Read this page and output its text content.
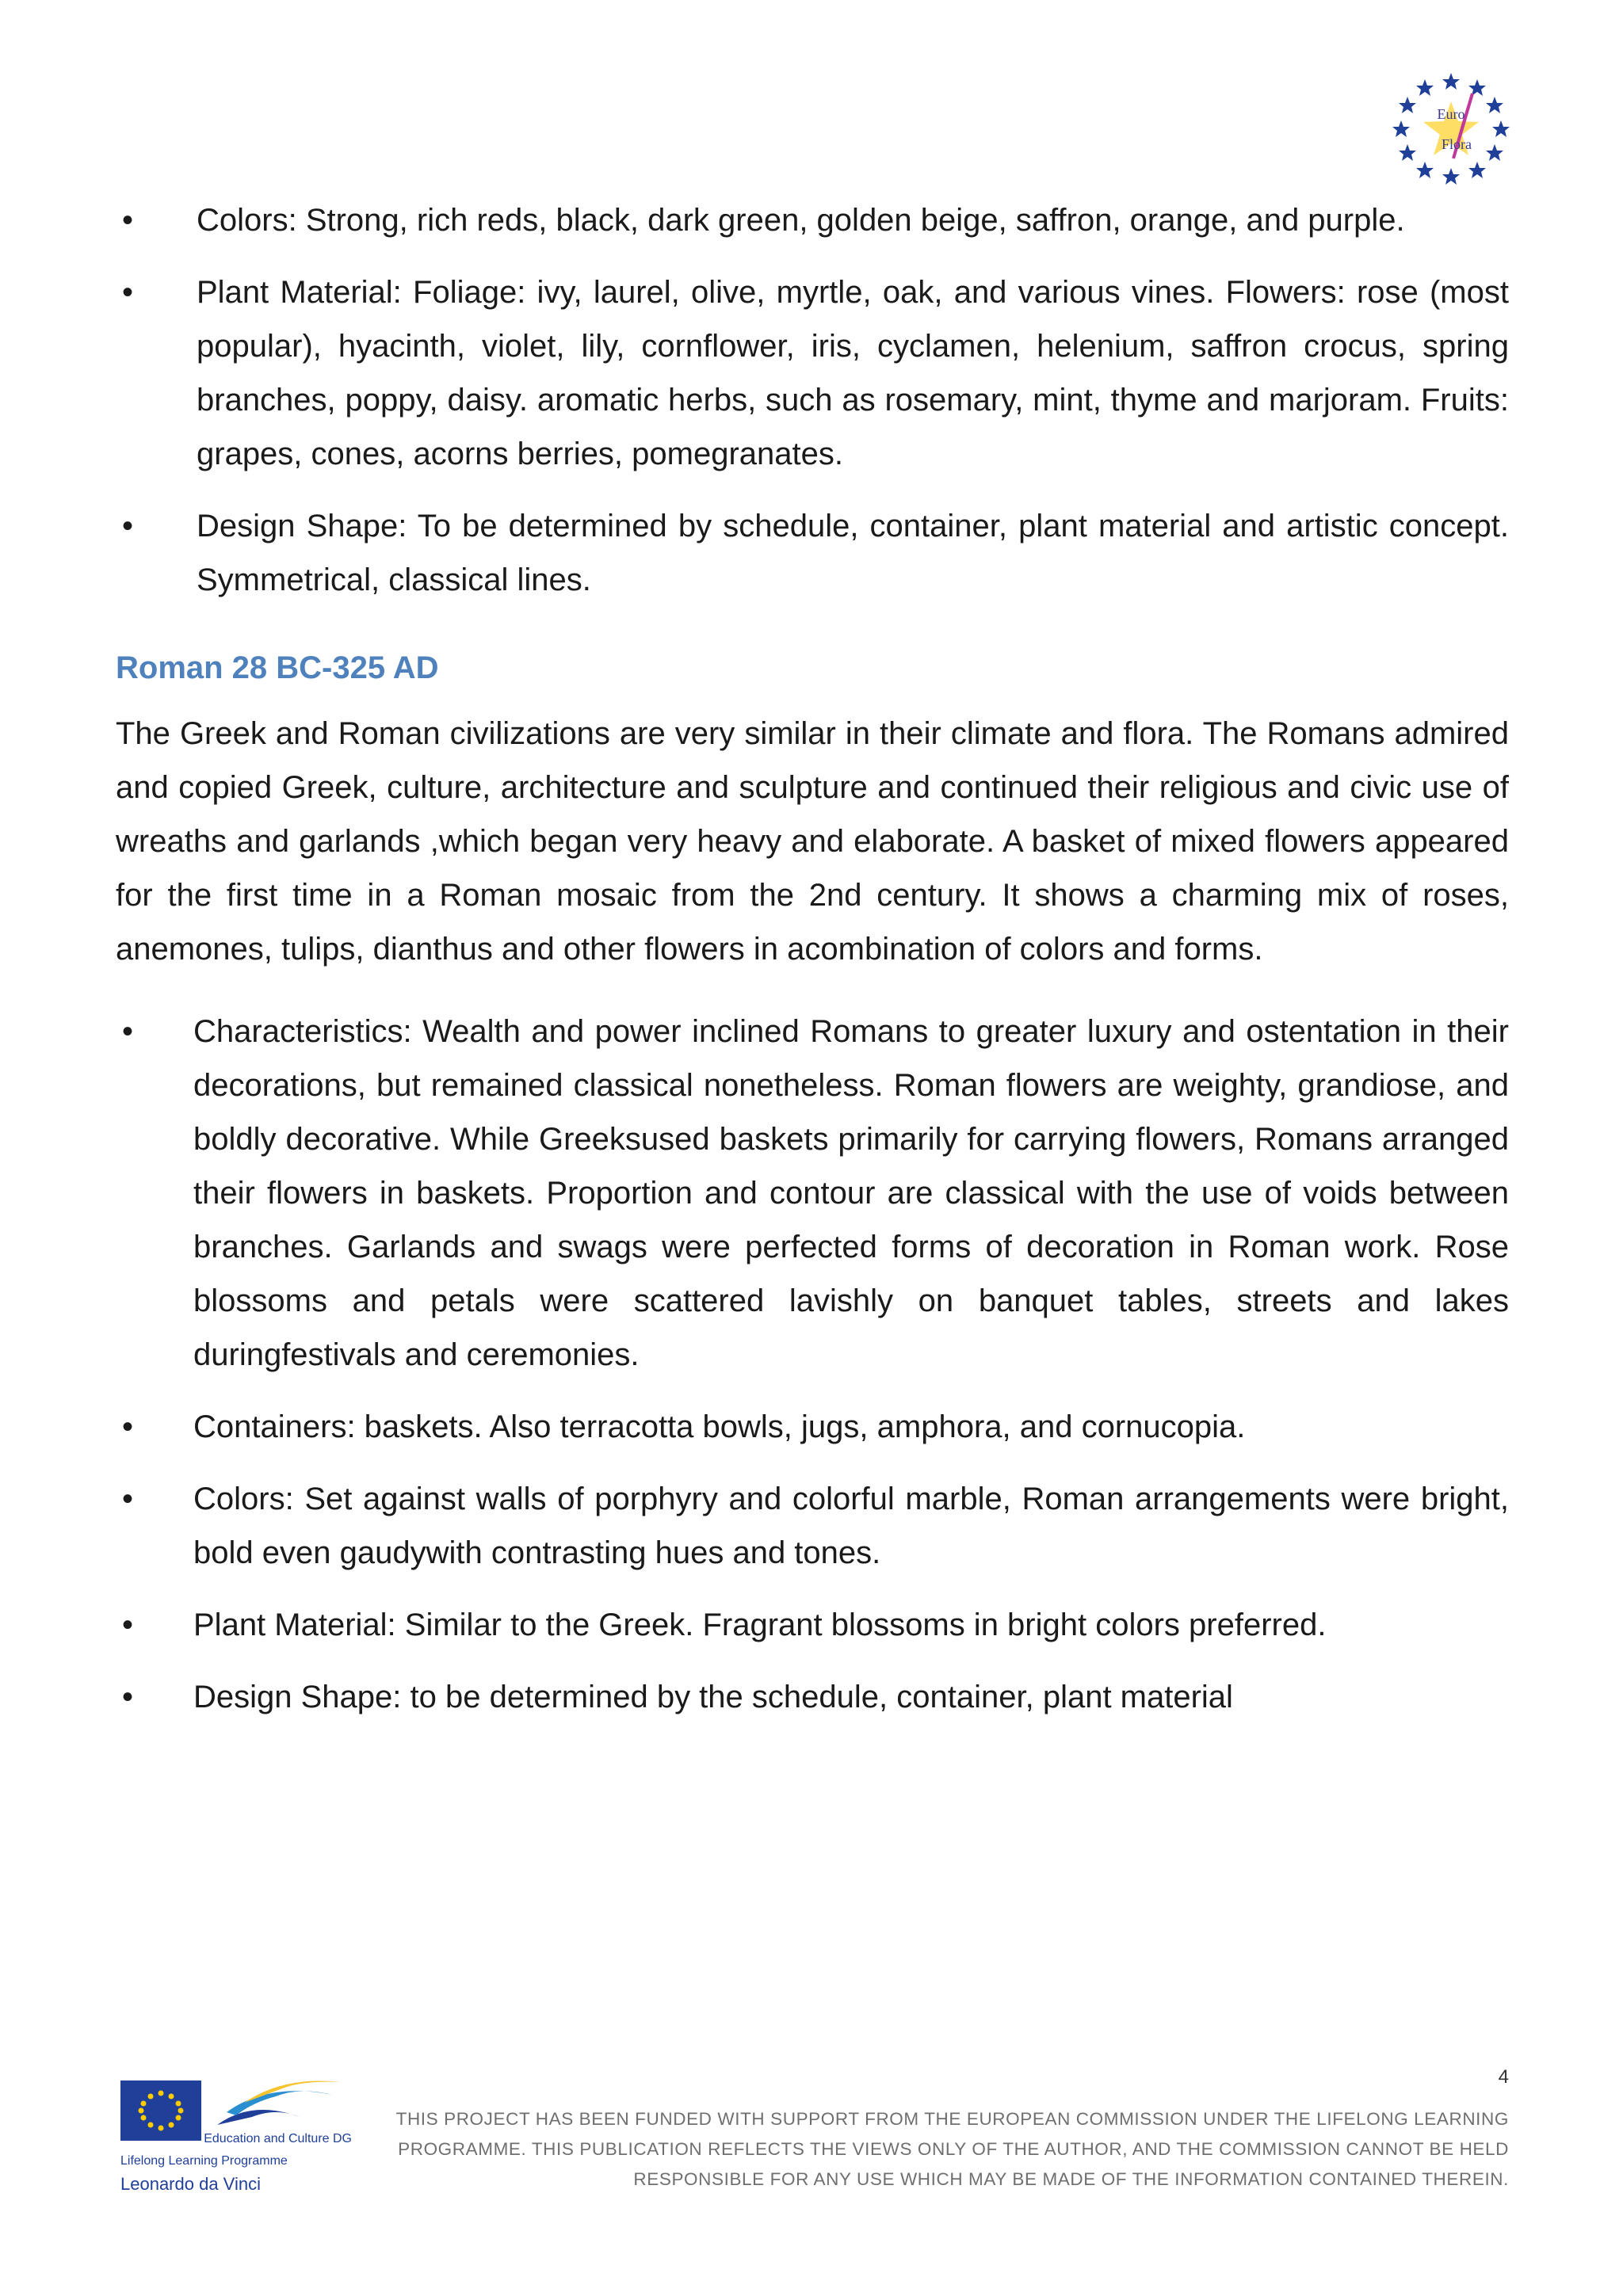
Euro
Flora
• Colors: Strong, rich reds, black, dark green, golden beige, saffron, orange, and purple.
• Plant Material: Foliage: ivy, laurel, olive, myrtle, oak, and various vines. Flowers: rose (most popular), hyacinth, violet, lily, cornflower, iris, cyclamen, helenium, saffron crocus, spring branches, poppy, daisy. aromatic herbs, such as rosemary, mint, thyme and marjoram. Fruits: grapes, cones, acorns berries, pomegranates.
• Design Shape: To be determined by schedule, container, plant material and artistic concept. Symmetrical, classical lines.
Roman 28 BC-325 AD

The Greek and Roman civilizations are very similar in their climate and flora. The Romans admired and copied Greek, culture, architecture and sculpture and continued their religious and civic use of wreaths and garlands ,which began very heavy and elaborate. A basket of mixed flowers appeared for the first time in a Roman mosaic from the 2nd century. It shows a charming mix of roses, anemones, tulips, dianthus and other flowers in acombination of colors and forms.

• Characteristics: Wealth and power inclined Romans to greater luxury and ostentation in their decorations, but remained classical nonetheless. Roman flowers are weighty, grandiose, and boldly decorative. While Greeksused baskets primarily for carrying flowers, Romans arranged their flowers in baskets. Proportion and contour are classical with the use of voids between branches. Garlands and swags were perfected forms of decoration in Roman work. Rose blossoms and petals were scattered lavishly on banquet tables, streets and lakes duringfestivals and ceremonies.
• Containers: baskets. Also terracotta bowls, jugs, amphora, and cornucopia.
• Colors: Set against walls of porphyry and colorful marble, Roman arrangements were bright, bold even gaudywith contrasting hues and tones.
• Plant Material: Similar to the Greek. Fragrant blossoms in bright colors preferred.
• Design Shape: to be determined by the schedule, container, plant material
4
Education and Culture DG
Lifelong Learning Programme
Leonardo da Vinci
THIS PROJECT HAS BEEN FUNDED WITH SUPPORT FROM THE EUROPEAN COMMISSION UNDER THE LIFELONG LEARNING
PROGRAMME. THIS PUBLICATION REFLECTS THE VIEWS ONLY OF THE AUTHOR, AND THE COMMISSION CANNOT BE HELD
RESPONSIBLE FOR ANY USE WHICH MAY BE MADE OF THE INFORMATION CONTAINED THEREIN.
